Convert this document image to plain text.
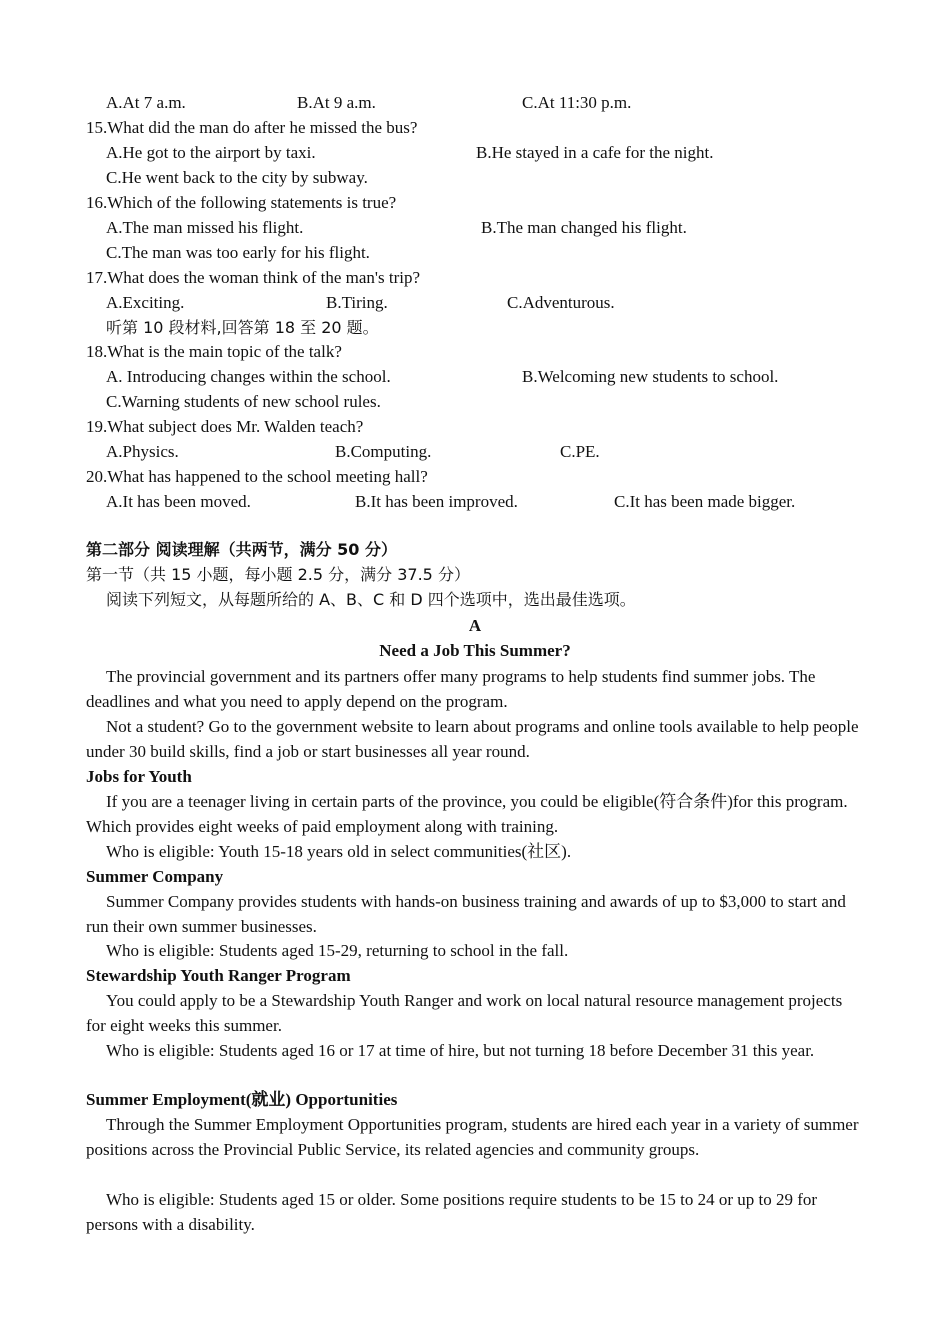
A.At 7 a.m.	B.At 9 a.m.	C.At 11:30 p.m.
15.What did the man do after he missed the bus?
A.He got to the airport by taxi.	B.He stayed in a cafe for the night.
C.He went back to the city by subway.
16.Which of the following statements is true?
A.The man missed his flight.	B.The man changed his flight.
C.The man was too early for his flight.
17.What does the woman think of the man's trip?
A.Exciting.	B.Tiring.	C.Adventurous.
听第 10 段材料,回答第 18 至 20 题。
18.What is the main topic of the talk?
A. Introducing changes within the school.	B.Welcoming new students to school.
C.Warning students of new school rules.
19.What subject does Mr. Walden teach?
A.Physics.	B.Computing.	C.PE.
20.What has happened to the school meeting hall?
A.It has been moved.	B.It has been improved.	C.It has been made bigger.
第二部分 阅读理解（共两节，满分 50 分）
第一节（共 15 小题，每小题 2.5 分，满分 37.5 分）
阅读下列短文，从每题所给的 A、B、C 和 D 四个选项中，选出最佳选项。
A
Need a Job This Summer?
The provincial government and its partners offer many programs to help students find summer jobs. The deadlines and what you need to apply depend on the program.
Not a student? Go to the government website to learn about programs and online tools available to help people under 30 build skills, find a job or start businesses all year round.
Jobs for Youth
If you are a teenager living in certain parts of the province, you could be eligible(符合条件)for this program. Which provides eight weeks of paid employment along with training.
Who is eligible: Youth 15-18 years old in select communities(社区).
Summer Company
Summer Company provides students with hands-on business training and awards of up to $3,000 to start and run their own summer businesses.
Who is eligible: Students aged 15-29, returning to school in the fall.
Stewardship Youth Ranger Program
You could apply to be a Stewardship Youth Ranger and work on local natural resource management projects for eight weeks this summer.
Who is eligible: Students aged 16 or 17 at time of hire, but not turning 18 before December 31 this year.
Summer Employment(就业) Opportunities
Through the Summer Employment Opportunities program, students are hired each year in a variety of summer positions across the Provincial Public Service, its related agencies and community groups.
Who is eligible: Students aged 15 or older. Some positions require students to be 15 to 24 or up to 29 for persons with a disability.
